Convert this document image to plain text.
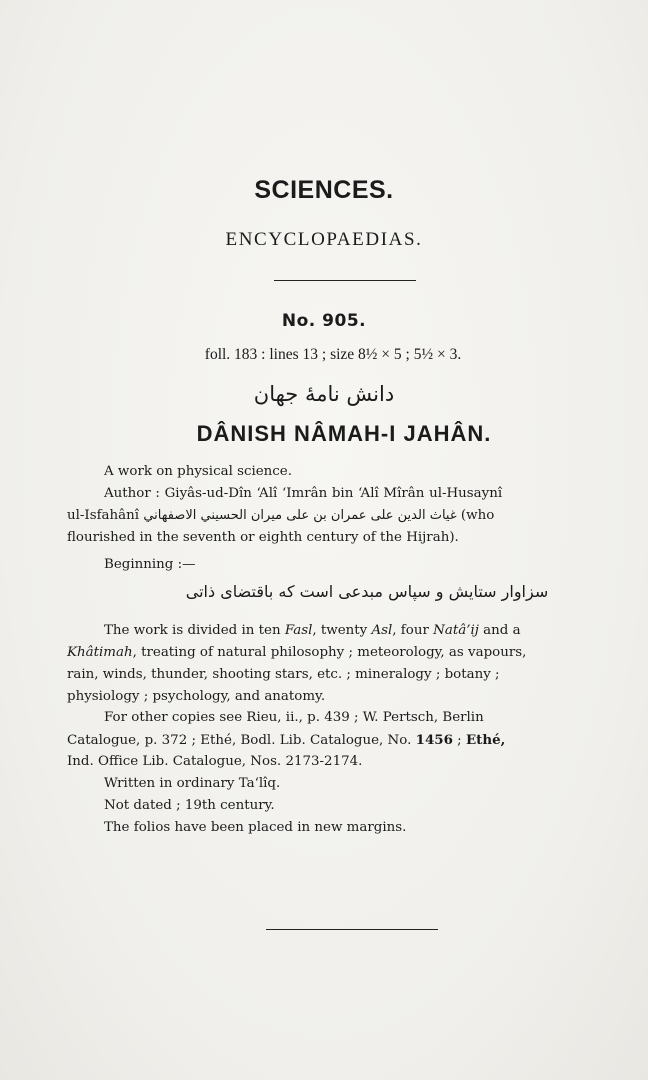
SCIENCES.
ENCYCLOPAEDIAS.
No. 905.
foll. 183 : lines 13 ; size 8½ × 5 ; 5½ × 3.
دانش نامهٔ جهان
DÂNISH NÂMAH-I JAHÂN.
A work on physical science.
Author : Giyâs-ud-Dîn ‘Alî ‘Imrân bin ‘Alî Mîrân ul-Husaynî
ul-Isfahânî غياث الدين علی عمران بن علی ميران الحسيني الاصفهاني (who
flourished in the seventh or eighth century of the Hijrah).
Beginning :—
سزاوار ستایش و سپاس مبدعی است که باقتضای ذاتی
The work is divided in ten Fasl, twenty Asl, four Natâ’ij and a
Khâtimah, treating of natural philosophy ; meteorology, as vapours,
rain, winds, thunder, shooting stars, etc. ; mineralogy ; botany ;
physiology ; psychology, and anatomy.
For other copies see Rieu, ii., p. 439 ; W. Pertsch, Berlin
Catalogue, p. 372 ; Ethé, Bodl. Lib. Catalogue, No. 1456 ; Ethé,
Ind. Office Lib. Catalogue, Nos. 2173-2174.
Written in ordinary Ta‘lîq.
Not dated ; 19th century.
The folios have been placed in new margins.
